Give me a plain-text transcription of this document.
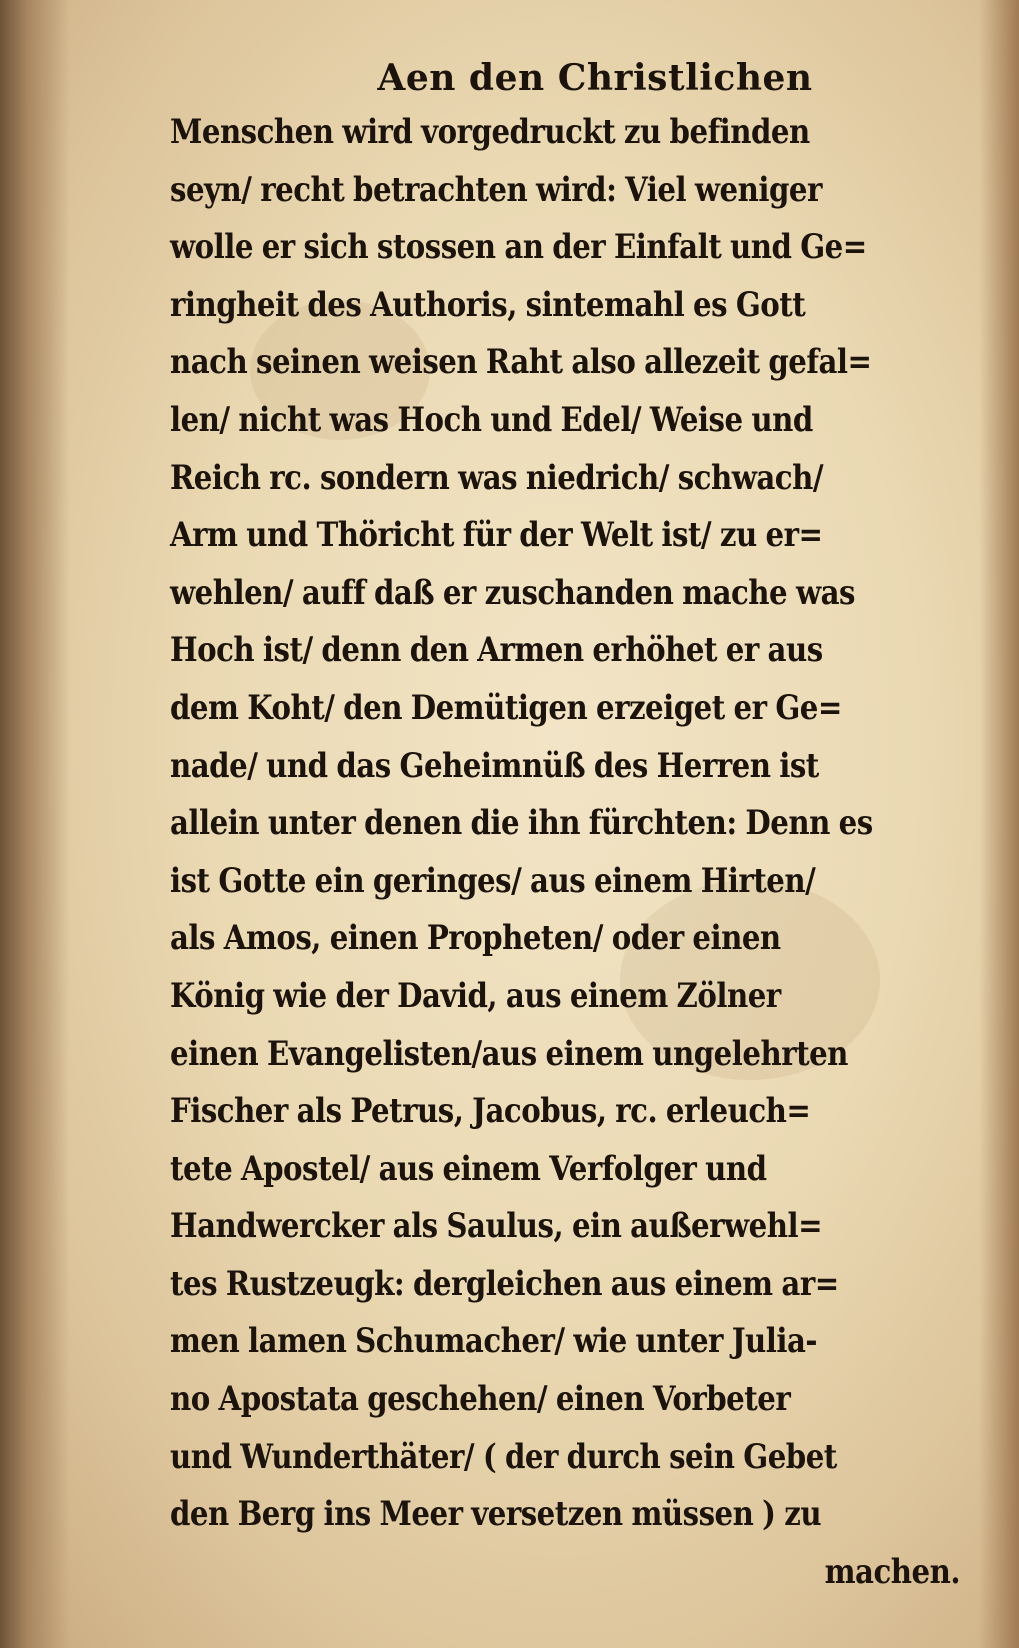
Aen den Christlichen
Menschen wird vorgedruckt zu befinden
seyn/ recht betrachten wird: Viel weniger
wolle er sich stossen an der Einfalt und Ge=
ringheit des Authoris, sintemahl es Gott
nach seinen weisen Raht also allezeit gefal=
len/ nicht was Hoch und Edel/ Weise und
Reich rc. sondern was niedrich/ schwach/
Arm und Thöricht für der Welt ist/ zu er=
wehlen/ auff daß er zuschanden mache was
Hoch ist/ denn den Armen erhöhet er aus
dem Koht/ den Demütigen erzeiget er Ge=
nade/ und das Geheimnüß des Herren ist
allein unter denen die ihn fürchten: Denn es
ist Gotte ein geringes/ aus einem Hirten/
als Amos, einen Propheten/ oder einen
König wie der David, aus einem Zölner
einen Evangelisten/aus einem ungelehrten
Fischer als Petrus, Jacobus, rc. erleuch=
tete Apostel/ aus einem Verfolger und
Handwercker als Saulus, ein außerwehl=
tes Rustzeugk: dergleichen aus einem ar=
men lamen Schumacher/ wie unter Julia-
no Apostata geschehen/ einen Vorbeter
und Wunderthäter/ ( der durch sein Gebet
den Berg ins Meer versetzen müssen ) zu
machen.
